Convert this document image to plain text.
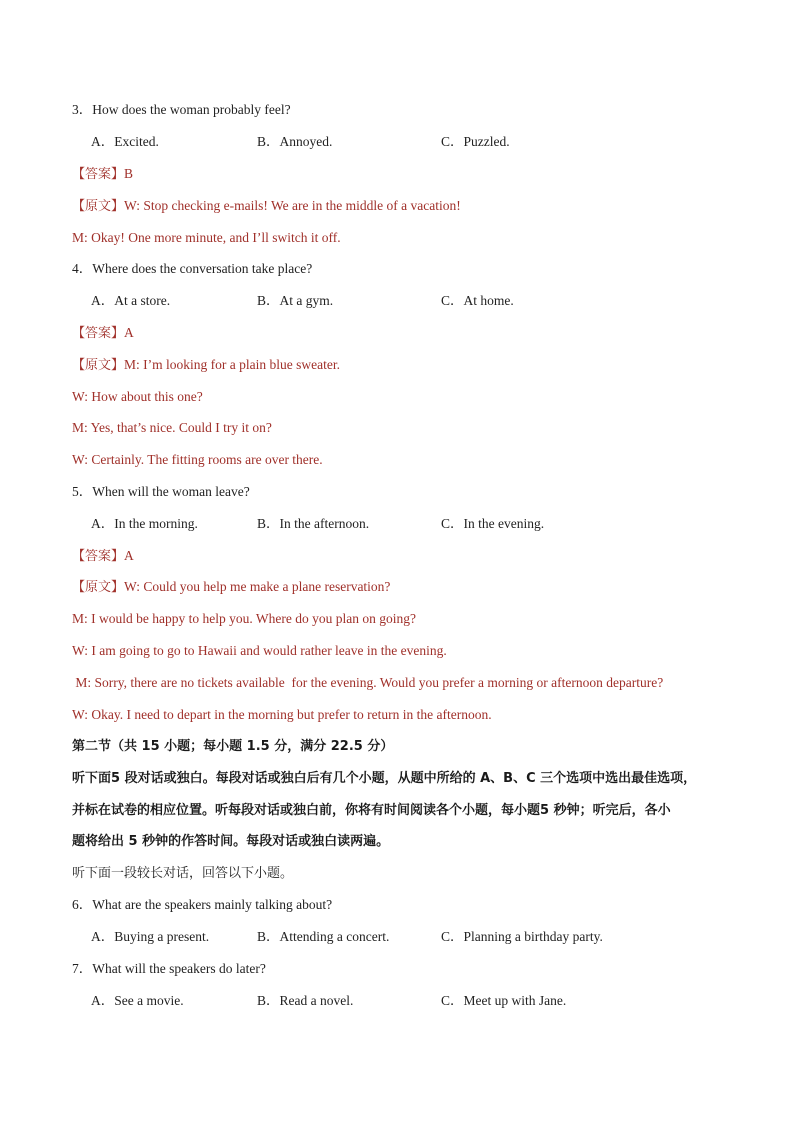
3．How does the woman probably feel?
A．Excited.	B．Annoyed.	C．Puzzled.
【答案】B
【原文】W: Stop checking e-mails! We are in the middle of a vacation!
M: Okay! One more minute, and I’ll switch it off.
4．Where does the conversation take place?
A．At a store.	B．At a gym.	C．At home.
【答案】A
【原文】M: I’m looking for a plain blue sweater.
W: How about this one?
M: Yes, that’s nice. Could I try it on?
W: Certainly. The fitting rooms are over there.
5．When will the woman leave?
A．In the morning.	B．In the afternoon.	C．In the evening.
【答案】A
【原文】W: Could you help me make a plane reservation?
M: I would be happy to help you. Where do you plan on going?
W: I am going to go to Hawaii and would rather leave in the evening.
M: Sorry, there are no tickets available  for the evening. Would you prefer a morning or afternoon departure?
W: Okay. I need to depart in the morning but prefer to return in the afternoon.
第二节（共 15 小题；每小题 1.5 分，满分 22.5 分）
听下面5 段对话或独白。每段对话或独白后有几个小题，从题中所给的 A、B、C 三个选项中选出最佳选项，
并标在试卷的相应位置。听每段对话或独白前，你将有时间阅读各个小题，每小题5 秒钟；听完后，各小
题将给出 5 秒钟的作答时间。每段对话或独白读两遍。
听下面一段较长对话，回答以下小题。
6．What are the speakers mainly talking about?
A．Buying a present.	B．Attending a concert.	C．Planning a birthday party.
7．What will the speakers do later?
A．See a movie.	B．Read a novel.	C．Meet up with Jane.
